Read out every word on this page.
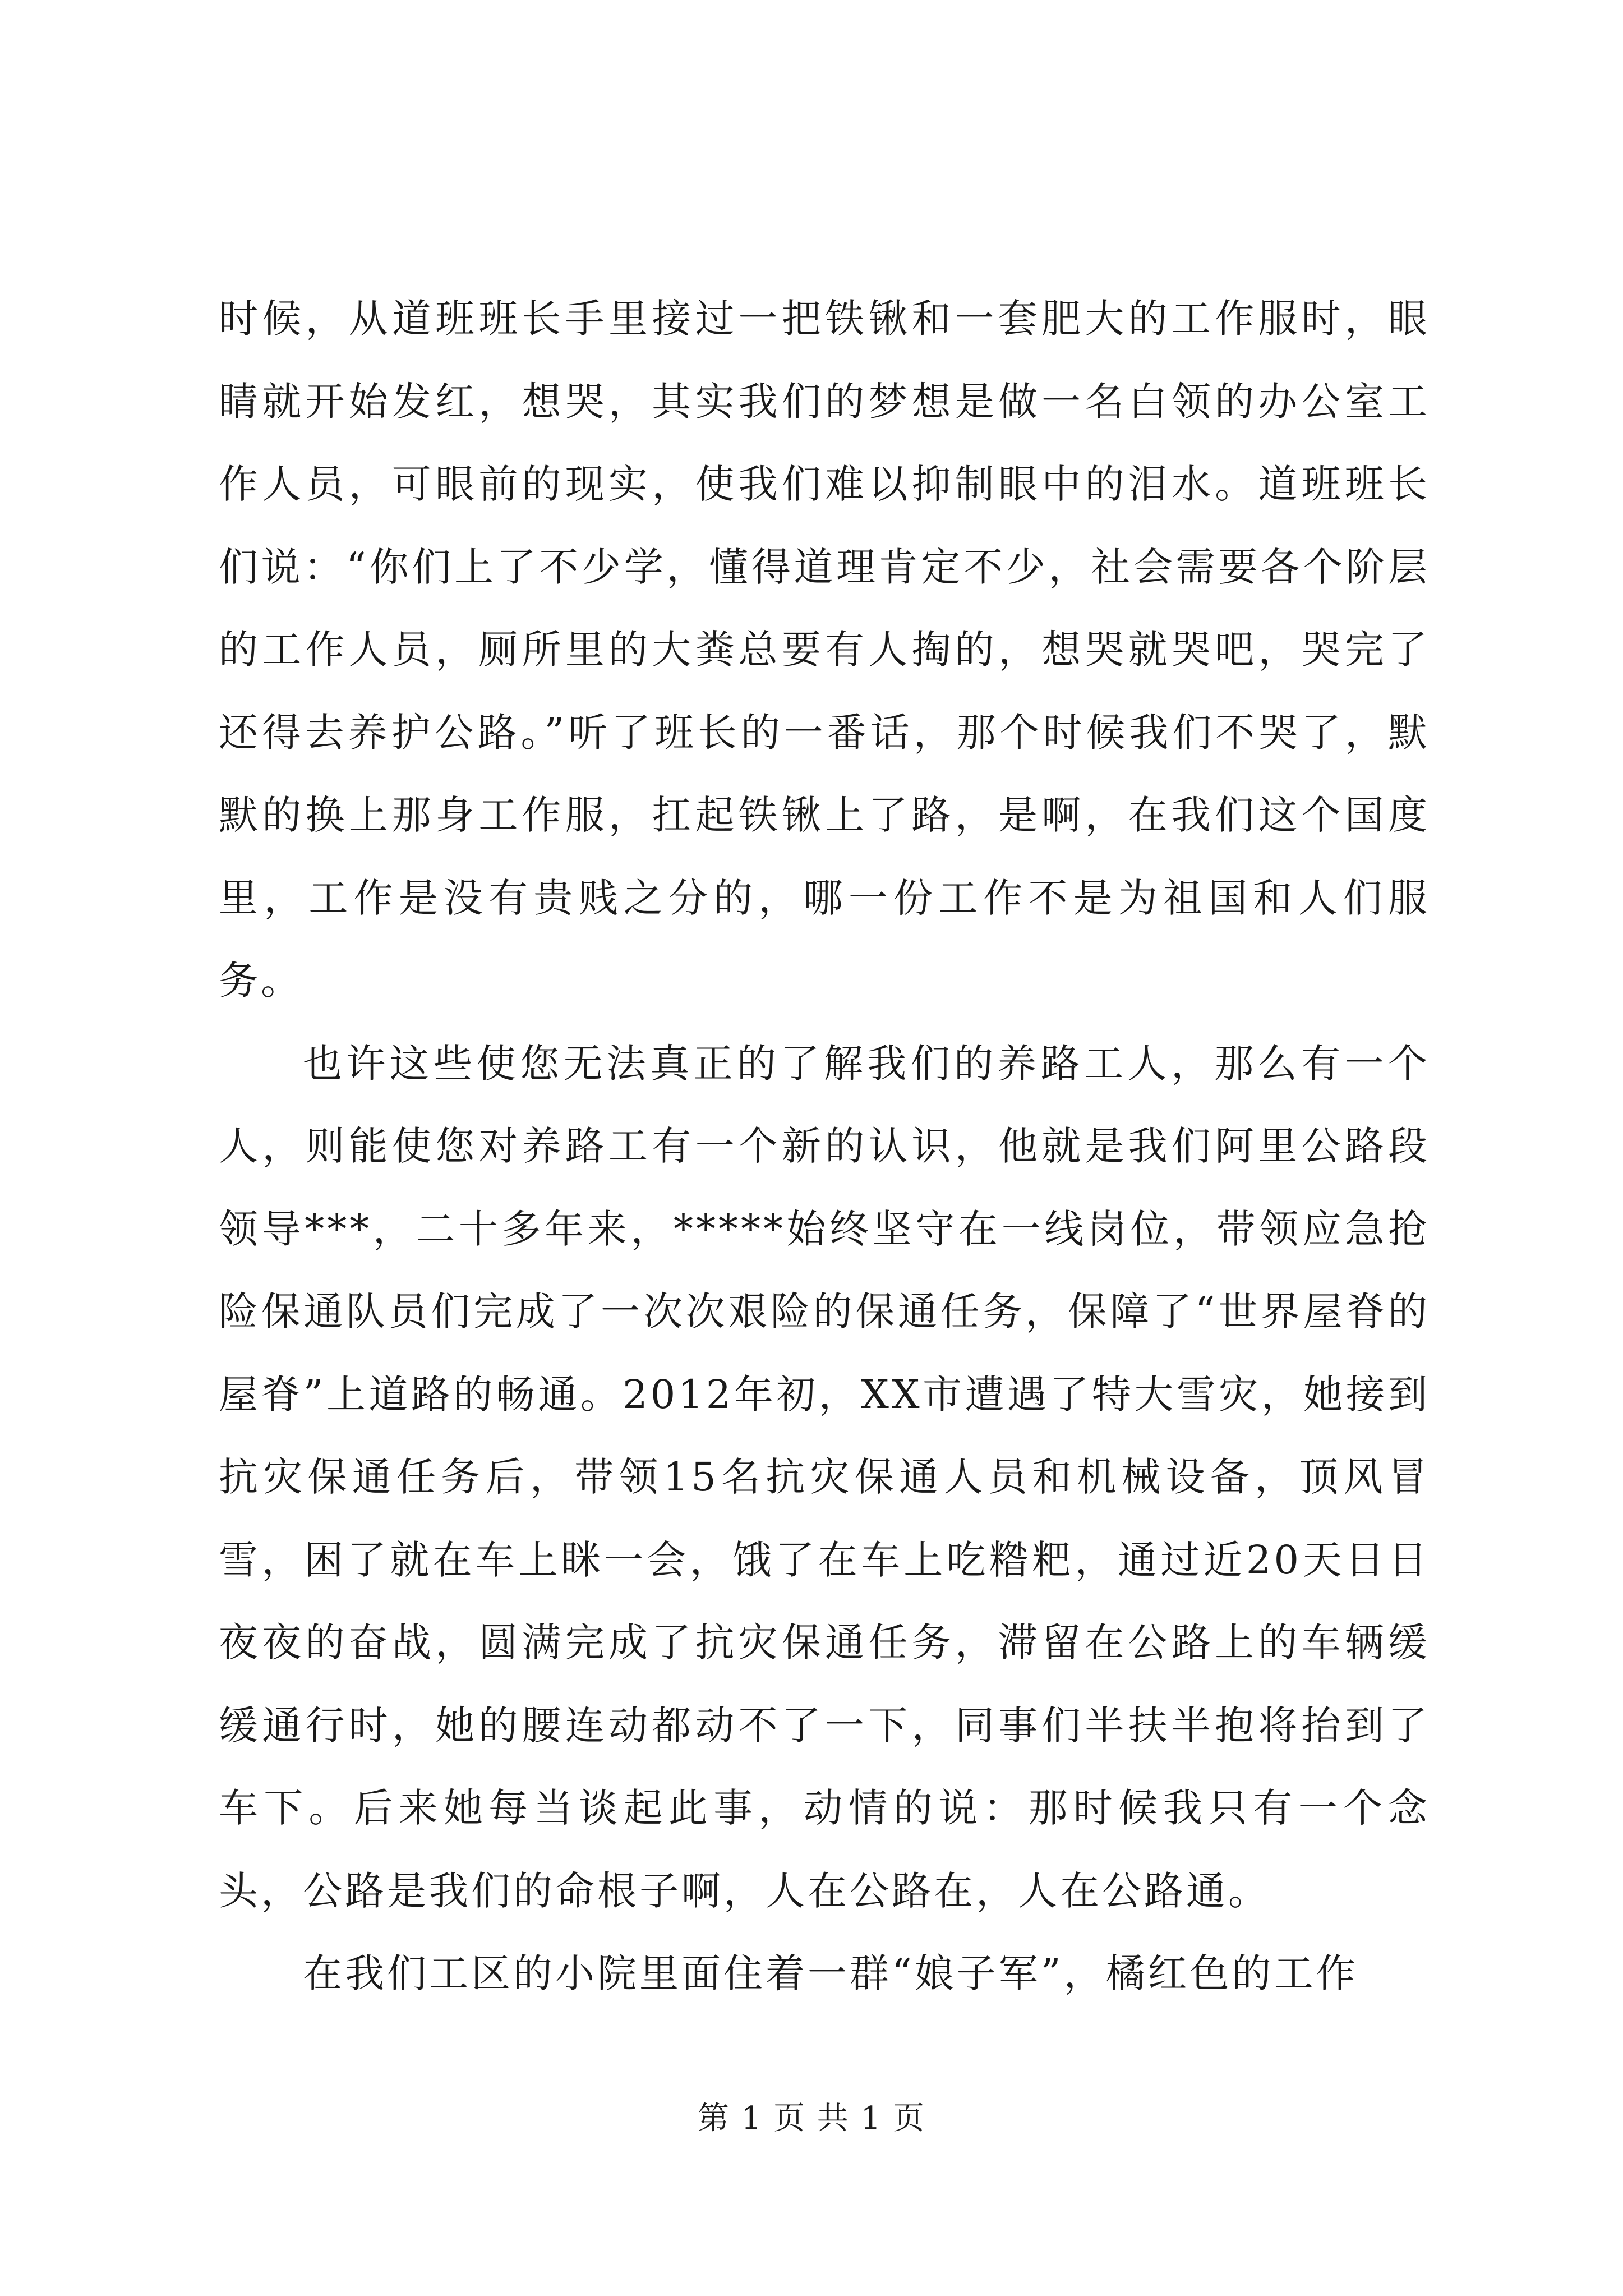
时候，从道班班长手里接过一把铁锹和一套肥大的工作服时，眼睛就开始发红，想哭，其实我们的梦想是做一名白领的办公室工作人员，可眼前的现实，使我们难以抑制眼中的泪水。道班班长们说：“你们上了不少学，懂得道理肯定不少，社会需要各个阶层的工作人员，厕所里的大粪总要有人掏的，想哭就哭吧，哭完了还得去养护公路。”听了班长的一番话，那个时候我们不哭了，默默的换上那身工作服，扛起铁锹上了路，是啊，在我们这个国度里，工作是没有贵贱之分的，哪一份工作不是为祖国和人们服务。

也许这些使您无法真正的了解我们的养路工人，那么有一个人，则能使您对养路工有一个新的认识，他就是我们阿里公路段领导***，二十多年来，*****始终坚守在一线岗位，带领应急抢险保通队员们完成了一次次艰险的保通任务，保障了“世界屋脊的屋脊”上道路的畅通。2012年初，XX市遭遇了特大雪灾，她接到抗灾保通任务后，带领15名抗灾保通人员和机械设备，顶风冒雪，困了就在车上眯一会，饿了在车上吃糌粑，通过近20天日日夜夜的奋战，圆满完成了抗灾保通任务，滞留在公路上的车辆缓缓通行时，她的腰连动都动不了一下，同事们半扶半抱将抬到了车下。后来她每当谈起此事，动情的说：那时候我只有一个念头，公路是我们的命根子啊，人在公路在，人在公路通。

在我们工区的小院里面住着一群“娘子军”，橘红色的工作

第 1 页 共 1 页
